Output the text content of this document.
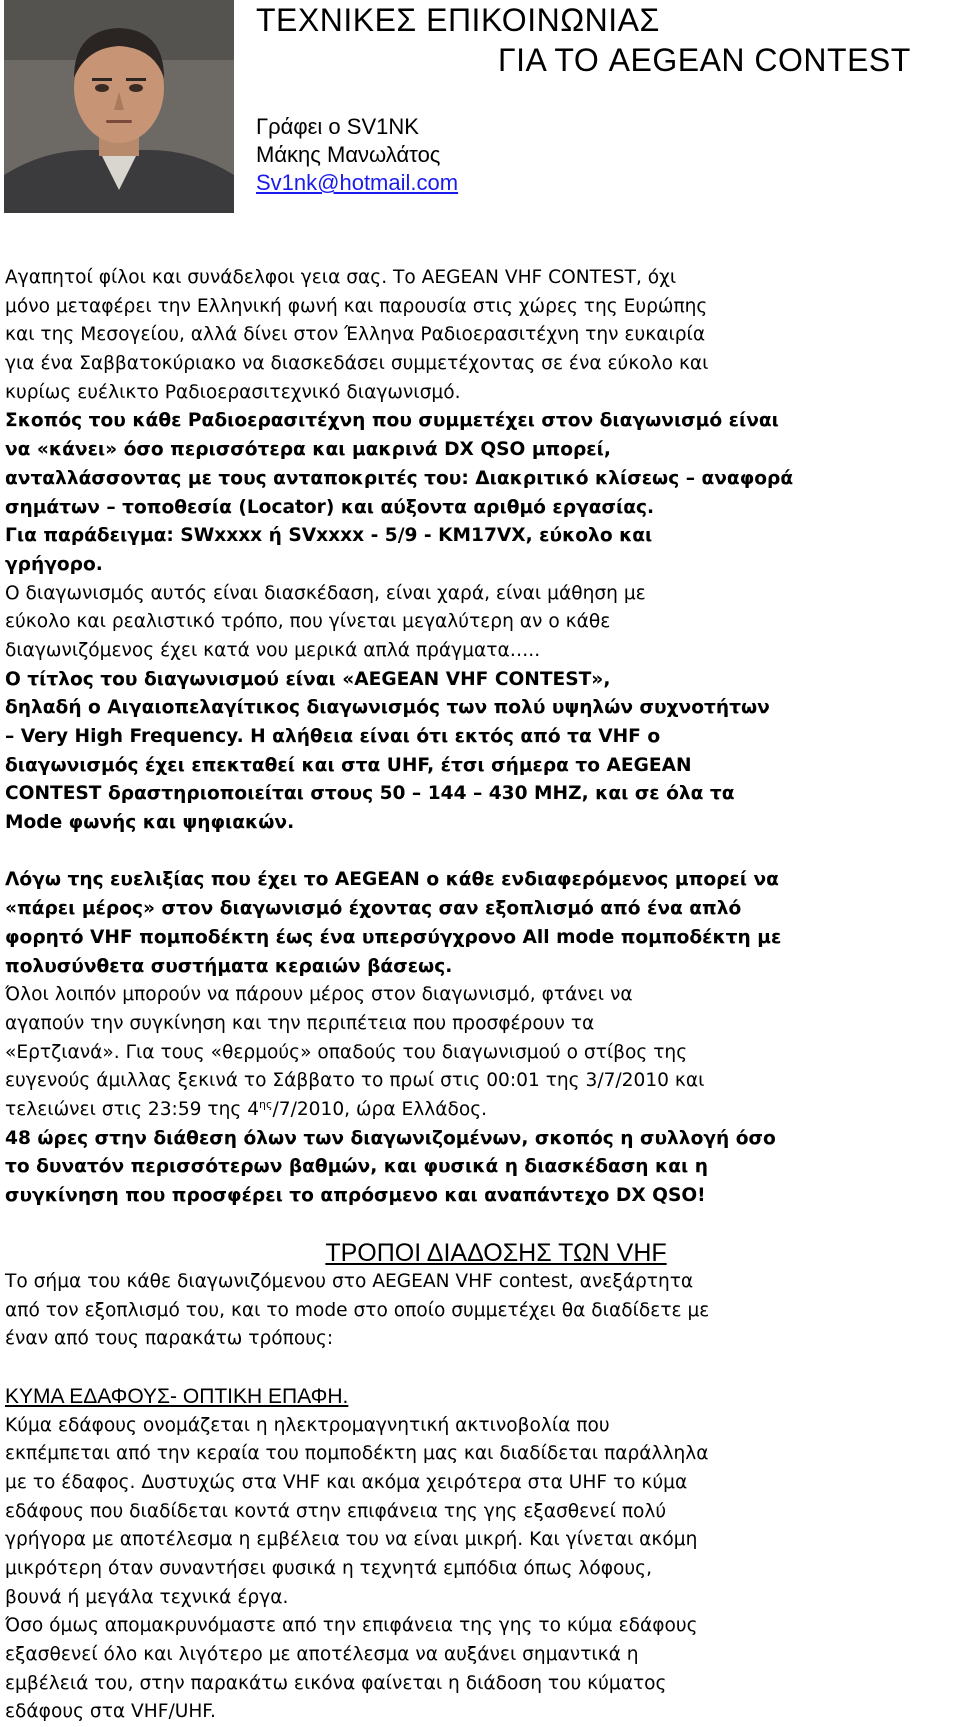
ΤΕΧΝΙΚΕΣ ΕΠΙΚΟΙΝΩΝΙΑΣ
ΓΙΑ ΤΟ AEGEAN CONTEST
Γράφει ο SV1NK
Μάκης Μανωλάτος
Sv1nk@hotmail.com
Αγαπητοί φίλοι και συνάδελφοι γεια σας. Το AEGEAN VHF CONTEST, όχι
μόνο μεταφέρει την Ελληνική φωνή και παρουσία στις χώρες της Ευρώπης
και της Μεσογείου, αλλά δίνει στον Έλληνα Ραδιοερασιτέχνη την ευκαιρία
για ένα Σαββατοκύριακο να διασκεδάσει συμμετέχοντας σε ένα εύκολο και
κυρίως ευέλικτο Ραδιοερασιτεχνικό διαγωνισμό.
Σκοπός του κάθε Ραδιοερασιτέχνη που συμμετέχει στον διαγωνισμό είναι
να «κάνει» όσο περισσότερα και μακρινά DX QSO μπορεί,
ανταλλάσσοντας με τους ανταποκριτές του: Διακριτικό κλίσεως – αναφορά
σημάτων – τοποθεσία (Locator) και αύξοντα αριθμό εργασίας.
Για παράδειγμα: SWxxxx ή SVxxxx - 5/9 - KM17VX, εύκολο και
γρήγορο.
Ο διαγωνισμός αυτός είναι διασκέδαση, είναι χαρά, είναι μάθηση με
εύκολο και ρεαλιστικό τρόπο, που γίνεται μεγαλύτερη αν ο κάθε
διαγωνιζόμενος έχει κατά νου μερικά απλά πράγματα…..
Ο τίτλος του διαγωνισμού είναι «AEGEAN VHF CONTEST»,
δηλαδή ο Αιγαιοπελαγίτικος διαγωνισμός των πολύ υψηλών συχνοτήτων
– Very High Frequency. Η αλήθεια είναι ότι εκτός από τα VHF ο
διαγωνισμός έχει επεκταθεί και στα UHF, έτσι σήμερα το AEGEAN
CONTEST δραστηριοποιείται στους 50 – 144 – 430 MHZ, και σε όλα τα
Mode φωνής και ψηφιακών.
Λόγω της ευελιξίας που έχει το AEGEAN ο κάθε ενδιαφερόμενος μπορεί να
«πάρει μέρος» στον διαγωνισμό έχοντας σαν εξοπλισμό από ένα απλό
φορητό VHF πομποδέκτη έως ένα υπερσύγχρονο All mode πομποδέκτη με
πολυσύνθετα συστήματα κεραιών βάσεως.
Όλοι λοιπόν μπορούν να πάρουν μέρος στον διαγωνισμό, φτάνει να
αγαπούν την συγκίνηση και την περιπέτεια που προσφέρουν τα
«Ερτζιανά». Για τους «θερμούς» οπαδούς του διαγωνισμού ο στίβος της
ευγενούς άμιλλας ξεκινά το Σάββατο το πρωί στις 00:01 της 3/7/2010 και
τελειώνει στις 23:59 της $4^{\eta\varsigma}/7/2010$, ώρα Ελλάδος.
48 ώρες στην διάθεση όλων των διαγωνιζομένων, σκοπός η συλλογή όσο
το δυνατόν περισσότερων βαθμών, και φυσικά η διασκέδαση και η
συγκίνηση που προσφέρει το απρόσμενο και αναπάντεχο DX QSO!
ΤΡΟΠΟΙ ΔΙΑΔΟΣΗΣ ΤΩΝ VHF
Το σήμα του κάθε διαγωνιζόμενου στο AEGEAN VHF contest, ανεξάρτητα
από τον εξοπλισμό του, και το mode στο οποίο συμμετέχει θα διαδίδετε με
έναν από τους παρακάτω τρόπους:
ΚΥΜΑ ΕΔΑΦΟΥΣ- ΟΠΤΙΚΗ ΕΠΑΦΗ.
Κύμα εδάφους ονομάζεται η ηλεκτρομαγνητική ακτινοβολία που
εκπέμπεται από την κεραία του πομποδέκτη μας και διαδίδεται παράλληλα
με το έδαφος. Δυστυχώς στα VHF και ακόμα χειρότερα στα UHF το κύμα
εδάφους που διαδίδεται κοντά στην επιφάνεια της γης εξασθενεί πολύ
γρήγορα με αποτέλεσμα η εμβέλεια του να είναι μικρή. Και γίνεται ακόμη
μικρότερη όταν συναντήσει φυσικά η τεχνητά εμπόδια όπως λόφους,
βουνά ή μεγάλα τεχνικά έργα.
Όσο όμως απομακρυνόμαστε από την επιφάνεια της γης το κύμα εδάφους
εξασθενεί όλο και λιγότερο με αποτέλεσμα να αυξάνει σημαντικά η
εμβέλειά του, στην παρακάτω εικόνα φαίνεται η διάδοση του κύματος
εδάφους στα VHF/UHF.
